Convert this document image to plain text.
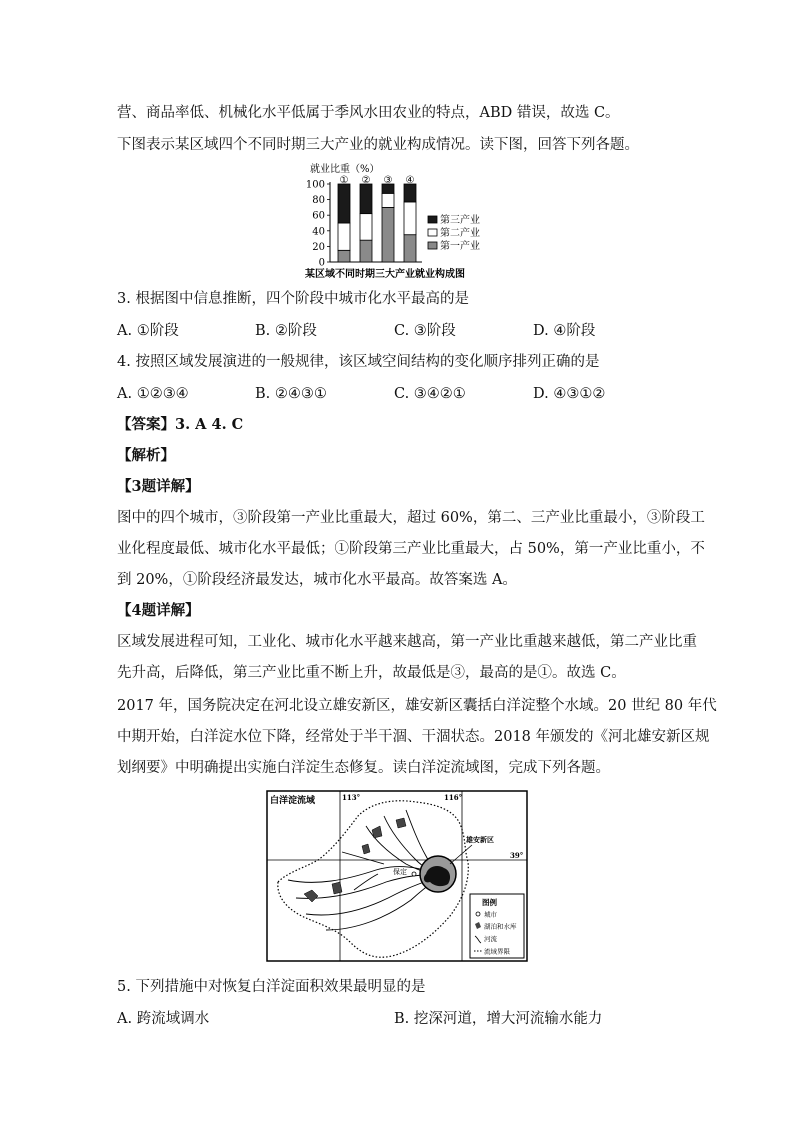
营、商品率低、机械化水平低属于季风水田农业的特点，ABD 错误，故选 C。
下图表示某区域四个不同时期三大产业的就业构成情况。读下图，回答下列各题。
就业比重（%）
0
20
40
60
80
100 ① ② ③ ④
第三产业
第二产业
第一产业
某区域不同时期三大产业就业构成图
3. 根据图中信息推断，四个阶段中城市化水平最高的是
A. ①阶段	B. ②阶段	C. ③阶段	D. ④阶段
4. 按照区域发展演进的一般规律，该区域空间结构的变化顺序排列正确的是
A. ①②③④	B. ②④③①	C. ③④②①	D. ④③①②
【答案】3. A 4. C
【解析】
【3题详解】
图中的四个城市，③阶段第一产业比重最大，超过 60%，第二、三产业比重最小，③阶段工
业化程度最低、城市化水平最低；①阶段第三产业比重最大，占 50%，第一产业比重小，不
到 20%，①阶段经济最发达，城市化水平最高。故答案选 A。
【4题详解】
区域发展进程可知，工业化、城市化水平越来越高，第一产业比重越来越低，第二产业比重
先升高，后降低，第三产业比重不断上升，故最低是③，最高的是①。故选 C。
2017 年，国务院决定在河北设立雄安新区，雄安新区囊括白洋淀整个水域。20 世纪 80 年代
中期开始，白洋淀水位下降，经常处于半干涸、干涸状态。2018 年颁发的《河北雄安新区规
划纲要》中明确提出实施白洋淀生态修复。读白洋淀流域图，完成下列各题。
白洋淀流域	113°	116°
39°
保定
雄安新区
图例
城市
湖泊和水库
河流
流域界限
5. 下列措施中对恢复白洋淀面积效果最明显的是
A. 跨流域调水	B. 挖深河道，增大河流输水能力
